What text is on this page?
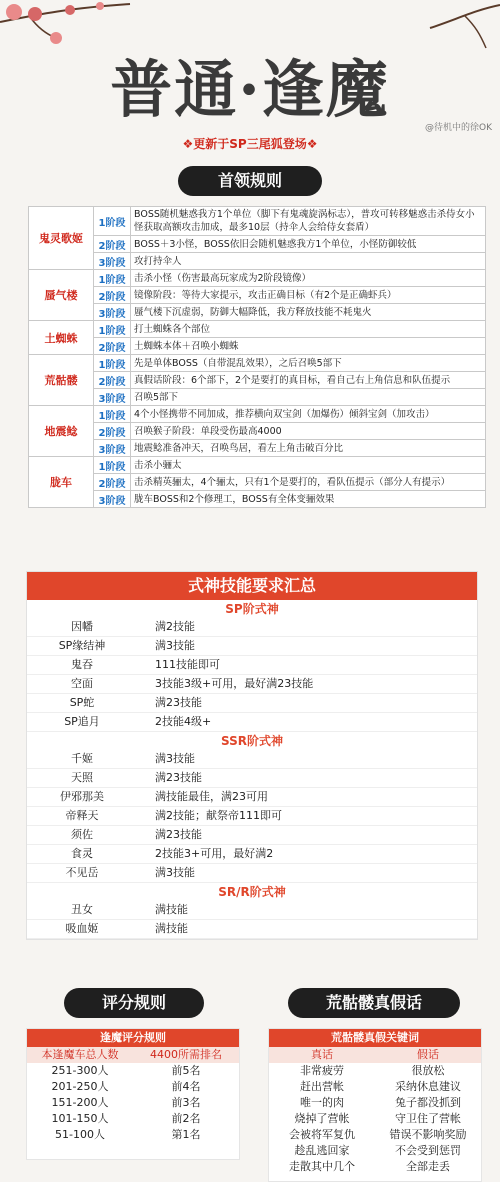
普通·逢魔
@待机中的徐OK
❖更新于SP三尾狐登场❖
首领规则
鬼灵歌姬	1阶段	BOSS随机魅惑我方1个单位（脚下有鬼魂旋涡标志），普攻可转移魅惑击杀侍女小怪获取高额攻击加成，最多10层（持伞人会给侍女套盾）
	2阶段	BOSS＋3小怪，BOSS依旧会随机魅惑我方1个单位，小怪防御较低
	3阶段	攻打持伞人
蜃气楼	1阶段	击杀小怪（伤害最高玩家成为2阶段镜像）
	2阶段	镜像阶段：等待大家提示，攻击正确目标（有2个是正确虾兵）
	3阶段	蜃气楼下沉虚弱，防御大幅降低，我方释放技能不耗鬼火
土蜘蛛	1阶段	打土蜘蛛各个部位
	2阶段	土蜘蛛本体＋召唤小蜘蛛
荒骷髅	1阶段	先是单体BOSS（自带混乱效果），之后召唤5部下
	2阶段	真假话阶段：6个部下，2个是要打的真目标，看自己右上角信息和队伍提示
	3阶段	召唤5部下
地震鲶	1阶段	4个小怪携带不同加成，推荐横向双宝剑（加爆伤）倾斜宝剑（加攻击）
	2阶段	召唤猴子阶段：单段受伤最高4000
	3阶段	地震鲶准备冲天，召唤鸟居，看左上角击破百分比
胧车	1阶段	击杀小骊太
	2阶段	击杀精英骊太，4个骊太，只有1个是要打的，看队伍提示（部分人有提示）
	3阶段	胧车BOSS和2个修理工，BOSS有全体变骊效果
式神技能要求汇总
SP阶式神
因幡	满2技能
SP缘结神	满3技能
鬼吞	111技能即可
空面	3技能3级+可用，最好满23技能
SP蛇	满23技能
SP追月	2技能4级+
SSR阶式神
千姬	满3技能
天照	满23技能
伊邪那美	满技能最佳，满23可用
帝释天	满2技能；献祭帝111即可
须佐	满23技能
食灵	2技能3+可用，最好满2
不见岳	满3技能
SR/R阶式神
丑女	满技能
吸血姬	满技能
评分规则	荒骷髅真假话
逢魔评分规则
本逢魔车总人数	4400所需排名
251-300人	前5名
201-250人	前4名
151-200人	前3名
101-150人	前2名
51-100人	第1名
荒骷髅真假关键词
真话	假话
非常疲劳	很放松
赶出营帐	采纳休息建议
唯一的肉	兔子都没抓到
烧掉了营帐	守卫住了营帐
会被将军复仇	错误不影响奖励
趁乱逃回家	不会受到惩罚
走散其中几个	全部走丢
